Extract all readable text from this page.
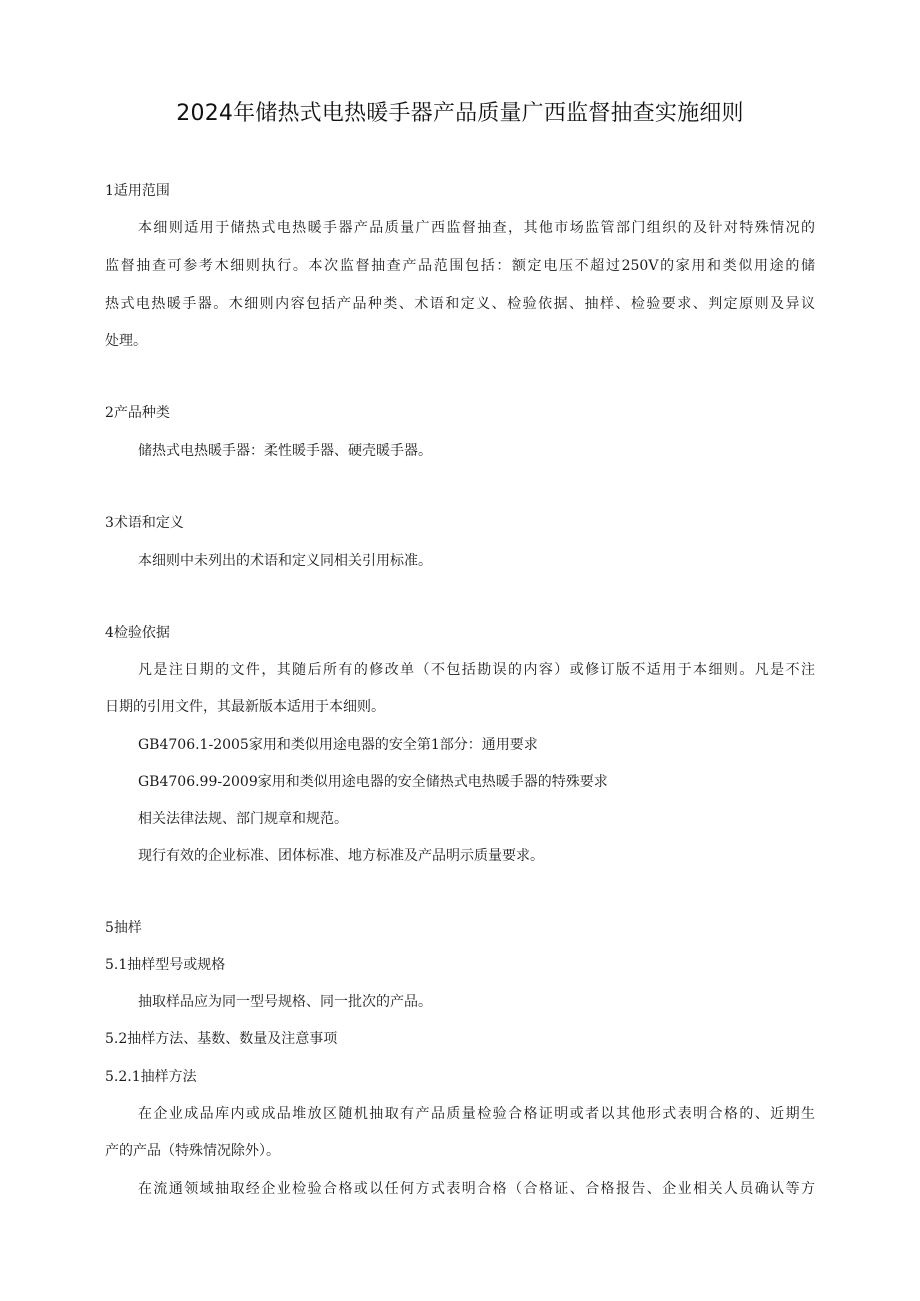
2024年储热式电热暖手器产品质量广西监督抽查实施细则
1适用范围
本细则适用于储热式电热暖手器产品质量广西监督抽查，其他市场监管部门组织的及针对特殊情况的
监督抽查可参考木细则执行。本次监督抽查产品范围包括：额定电压不超过250V的家用和类似用途的储
热式电热暖手器。木细则内容包括产品种类、术语和定义、检验依据、抽样、检验要求、判定原则及异议
处理。
2产品种类
储热式电热暖手器：柔性暖手器、硬壳暖手器。
3术语和定义
本细则中未列出的术语和定义同相关引用标准。
4检验依据
凡是注日期的文件，其随后所有的修改单（不包括勘误的内容）或修订版不适用于本细则。凡是不注
日期的引用文件，其最新版本适用于本细则。
GB4706.1-2005家用和类似用途电器的安全第1部分：通用要求
GB4706.99-2009家用和类似用途电器的安全储热式电热暖手器的特殊要求
相关法律法规、部门规章和规范。
现行有效的企业标准、团体标准、地方标准及产品明示质量要求。
5抽样
5.1抽样型号或规格
抽取样品应为同一型号规格、同一批次的产品。
5.2抽样方法、基数、数量及注意事项
5.2.1抽样方法
在企业成品库内或成品堆放区随机抽取有产品质量检验合格证明或者以其他形式表明合格的、近期生
产的产品（特殊情况除外）。
在流通领域抽取经企业检验合格或以任何方式表明合格（合格证、合格报告、企业相关人员确认等方
